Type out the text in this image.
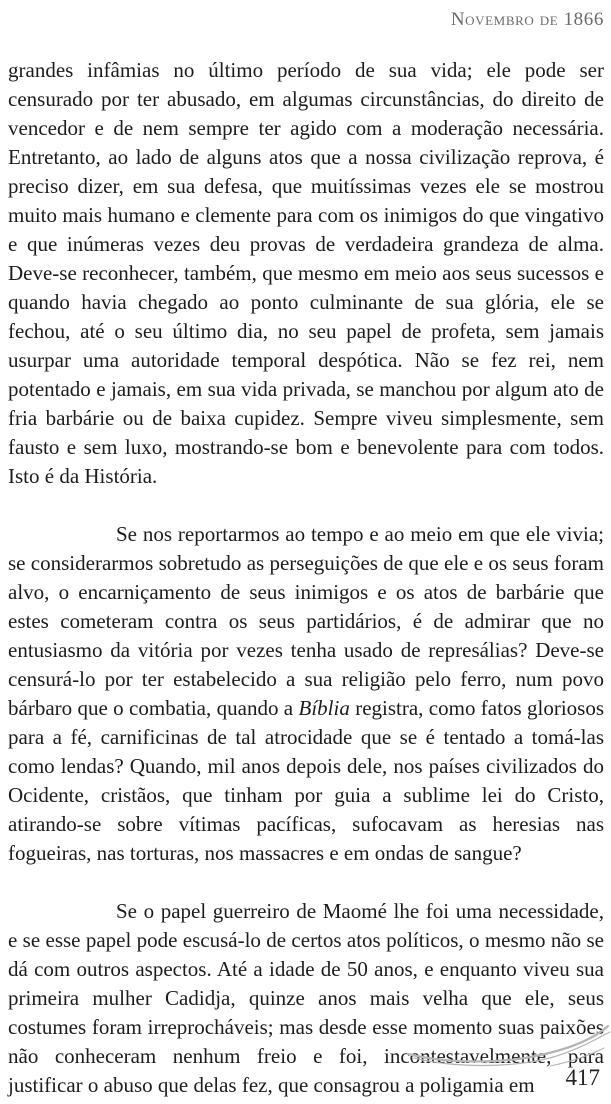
Novembro de 1866

grandes infâmias no último período de sua vida; ele pode ser censurado por ter abusado, em algumas circunstâncias, do direito de vencedor e de nem sempre ter agido com a moderação necessária. Entretanto, ao lado de alguns atos que a nossa civilização reprova, é preciso dizer, em sua defesa, que muitíssimas vezes ele se mostrou muito mais humano e clemente para com os inimigos do que vingativo e que inúmeras vezes deu provas de verdadeira grandeza de alma. Deve-se reconhecer, também, que mesmo em meio aos seus sucessos e quando havia chegado ao ponto culminante de sua glória, ele se fechou, até o seu último dia, no seu papel de profeta, sem jamais usurpar uma autoridade temporal despótica. Não se fez rei, nem potentado e jamais, em sua vida privada, se manchou por algum ato de fria barbárie ou de baixa cupidez. Sempre viveu simplesmente, sem fausto e sem luxo, mostrando-se bom e benevolente para com todos. Isto é da História.

Se nos reportarmos ao tempo e ao meio em que ele vivia; se considerarmos sobretudo as perseguições de que ele e os seus foram alvo, o encarniçamento de seus inimigos e os atos de barbárie que estes cometeram contra os seus partidários, é de admirar que no entusiasmo da vitória por vezes tenha usado de represálias? Deve-se censurá-lo por ter estabelecido a sua religião pelo ferro, num povo bárbaro que o combatia, quando a Bíblia registra, como fatos gloriosos para a fé, carnificinas de tal atrocidade que se é tentado a tomá-las como lendas? Quando, mil anos depois dele, nos países civilizados do Ocidente, cristãos, que tinham por guia a sublime lei do Cristo, atirando-se sobre vítimas pacíficas, sufocavam as heresias nas fogueiras, nas torturas, nos massacres e em ondas de sangue?

Se o papel guerreiro de Maomé lhe foi uma necessidade, e se esse papel pode escusá-lo de certos atos políticos, o mesmo não se dá com outros aspectos. Até a idade de 50 anos, e enquanto viveu sua primeira mulher Cadidja, quinze anos mais velha que ele, seus costumes foram irreprocháveis; mas desde esse momento suas paixões não conheceram nenhum freio e foi, incontestavelmente, para justificar o abuso que delas fez, que consagrou a poligamia em	417
